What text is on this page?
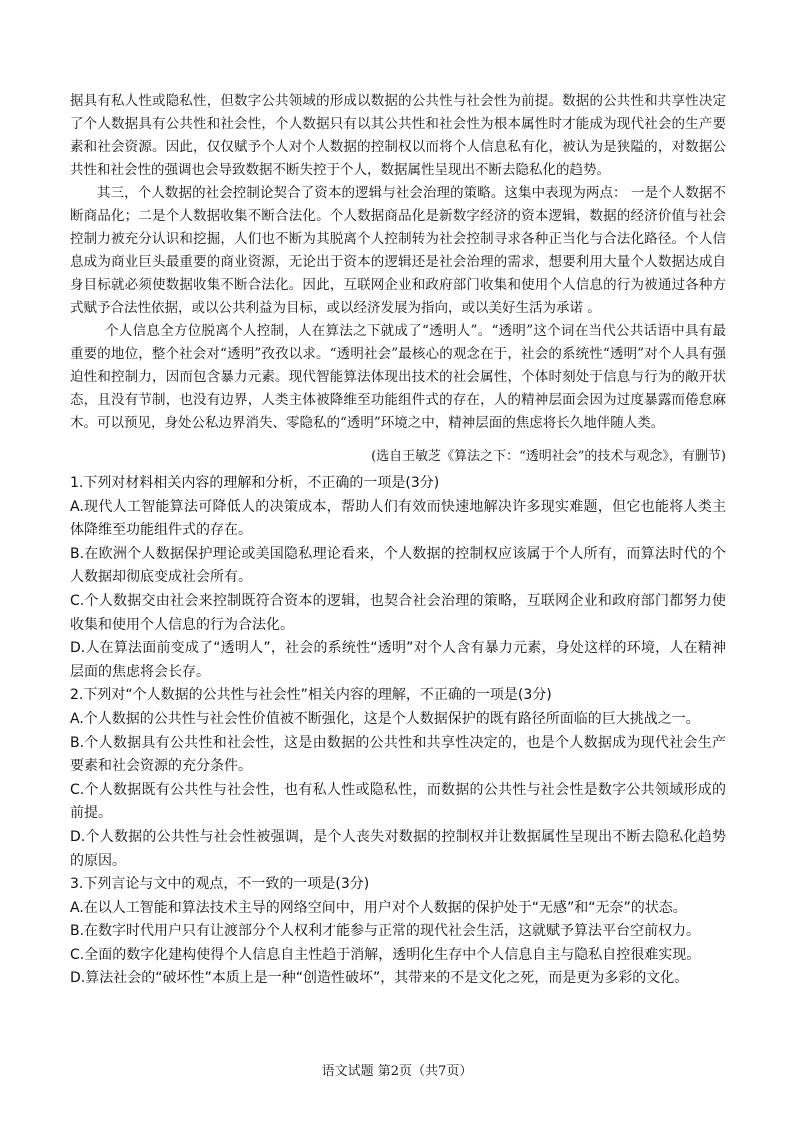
据具有私人性或隐私性，但数字公共领域的形成以数据的公共性与社会性为前提。数据的公共性和共享性决定了个人数据具有公共性和社会性，个人数据只有以其公共性和社会性为根本属性时才能成为现代社会的生产要素和社会资源。因此，仅仅赋予个人对个人数据的控制权以而将个人信息私有化，被认为是狭隘的，对数据公共性和社会性的强调也会导致数据不断失控于个人，数据属性呈现出不断去隐私化的趋势。

其三，个人数据的社会控制论契合了资本的逻辑与社会治理的策略。这集中表现为两点： 一是个人数据不断商品化；二是个人数据收集不断合法化。个人数据商品化是新数字经济的资本逻辑，数据的经济价值与社会控制力被充分认识和挖掘，人们也不断为其脱离个人控制转为社会控制寻求各种正当化与合法化路径。个人信息成为商业巨头最重要的商业资源，无论出于资本的逻辑还是社会治理的需求，想要利用大量个人数据达成自身目标就必须使数据收集不断合法化。因此，互联网企业和政府部门收集和使用个人信息的行为被通过各种方式赋予合法性依据，或以公共利益为目标，或以经济发展为指向，或以美好生活为承诺 。

个人信息全方位脱离个人控制，人在算法之下就成了“透明人”。“透明”这个词在当代公共话语中具有最重要的地位，整个社会对“透明”孜孜以求。“透明社会”最核心的观念在于，社会的系统性“透明”对个人具有强迫性和控制力，因而包含暴力元素。现代智能算法体现出技术的社会属性，个体时刻处于信息与行为的敞开状态，且没有节制，也没有边界，人类主体被降维至功能组件式的存在，人的精神层面会因为过度暴露而倦怠麻木。可以预见，身处公私边界消失、零隐私的“透明”环境之中，精神层面的焦虑将长久地伴随人类。

(选自王敏芝《算法之下：“透明社会”的技术与观念》，有删节)

1.下列对材料相关内容的理解和分析，不正确的一项是(3分)

A.现代人工智能算法可降低人的决策成本，帮助人们有效而快速地解决许多现实难题，但它也能将人类主体降维至功能组件式的存在。

B.在欧洲个人数据保护理论或美国隐私理论看来，个人数据的控制权应该属于个人所有，而算法时代的个人数据却彻底变成社会所有。

C.个人数据交由社会来控制既符合资本的逻辑，也契合社会治理的策略，互联网企业和政府部门都努力使收集和使用个人信息的行为合法化。

D.人在算法面前变成了“透明人”，社会的系统性“透明”对个人含有暴力元素，身处这样的环境，人在精神层面的焦虑将会长存。

2.下列对“个人数据的公共性与社会性”相关内容的理解，不正确的一项是(3分)

A.个人数据的公共性与社会性价值被不断强化，这是个人数据保护的既有路径所面临的巨大挑战之一。

B.个人数据具有公共性和社会性，这是由数据的公共性和共享性决定的，也是个人数据成为现代社会生产要素和社会资源的充分条件。

C.个人数据既有公共性与社会性，也有私人性或隐私性，而数据的公共性与社会性是数字公共领域形成的前提。

D.个人数据的公共性与社会性被强调，是个人丧失对数据的控制权并让数据属性呈现出不断去隐私化趋势的原因。

3.下列言论与文中的观点，不一致的一项是(3分)

A.在以人工智能和算法技术主导的网络空间中，用户对个人数据的保护处于“无感”和“无奈”的状态。

B.在数字时代用户只有让渡部分个人权利才能参与正常的现代社会生活，这就赋予算法平台空前权力。

C.全面的数字化建构使得个人信息自主性趋于消解，透明化生存中个人信息自主与隐私自控很难实现。

D.算法社会的“破坏性”本质上是一种“创造性破坏”，其带来的不是文化之死，而是更为多彩的文化。

语文试题 第2页（共7页）
